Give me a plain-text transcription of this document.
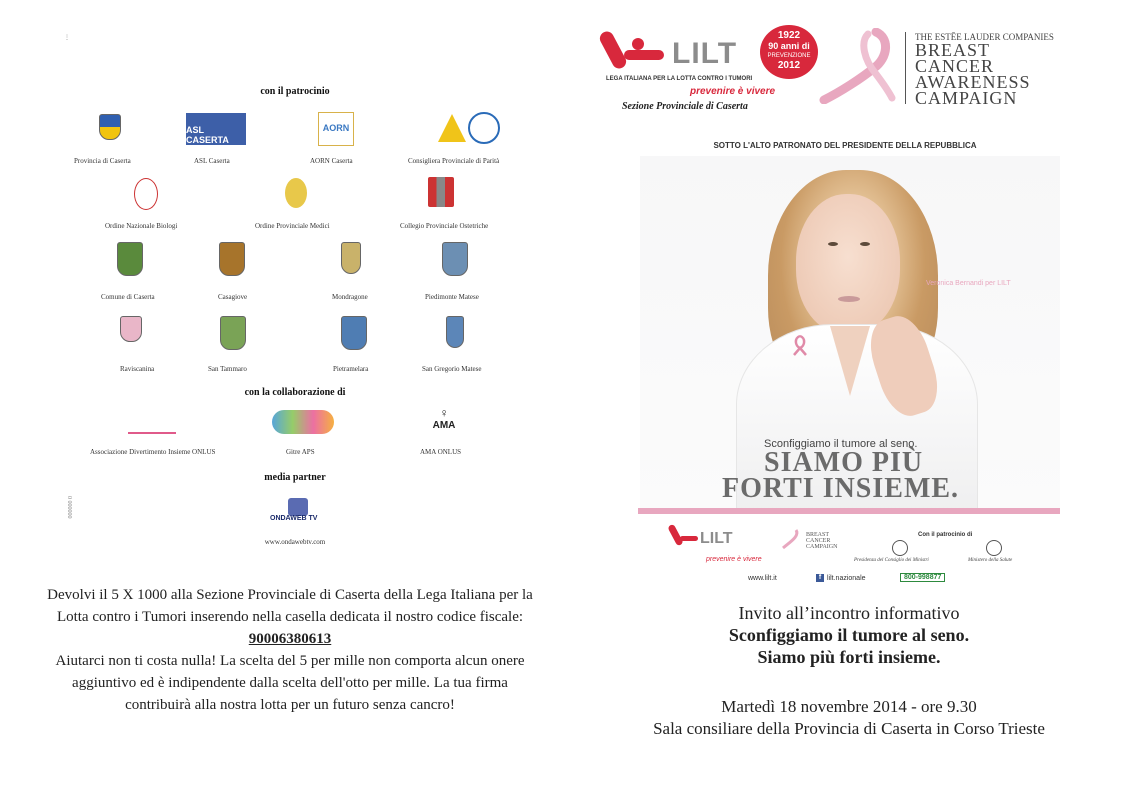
⋮
con il patrocinio
ASL CASERTA
AORN
Provincia di Caserta	ASL Caserta	AORN Caserta	Consigliera Provinciale di Parità
Ordine Nazionale Biologi	Ordine Provinciale Medici	Collegio Provinciale Ostetriche
Comune di Caserta	Casagiove	Mondragone	Piedimonte Matese
Raviscanina	San Tammaro	Pietramelara	San Gregorio Matese
con la collaborazione di
♀
AMA
Associazione Divertimento Insieme ONLUS	Gitre APS	AMA ONLUS
media partner
ONDAWEB TV
www.ondawebtv.com
0 000000
Devolvi il 5 X 1000 alla Sezione Provinciale di Caserta della Lega Italiana per la
Lotta contro i Tumori inserendo nella casella dedicata il nostro codice fiscale:
90006380613
Aiutarci non ti costa nulla! La scelta del 5 per mille non comporta alcun onere
aggiuntivo ed è indipendente dalla scelta dell'otto per mille. La tua firma
contribuirà alla nostra lotta per un futuro senza cancro!
LILT
LEGA ITALIANA PER LA LOTTA CONTRO I TUMORI
prevenire è vivere
Sezione Provinciale di Caserta
1922
90 anni di
PREVENZIONE
2012
THE ESTĒE LAUDER COMPANIES
BREAST
CANCER
AWARENESS
CAMPAIGN
SOTTO L'ALTO PATRONATO DEL PRESIDENTE DELLA REPUBBLICA
Veronica Bernandi per LILT
Sconfiggiamo il tumore al seno.
SIAMO PIÙ
FORTI INSIEME.
LILT
prevenire è vivere
BREAST
CANCER
CAMPAIGN
Con il patrocinio di
Presidenza del Consiglio dei Ministri	Ministero della Salute
www.lilt.it	f lilt.nazionale	800-998877
Invito all’incontro informativo
Sconfiggiamo il tumore al seno.
Siamo più forti insieme.
Martedì 18 novembre 2014 - ore 9.30
Sala consiliare della Provincia di Caserta in Corso Trieste
